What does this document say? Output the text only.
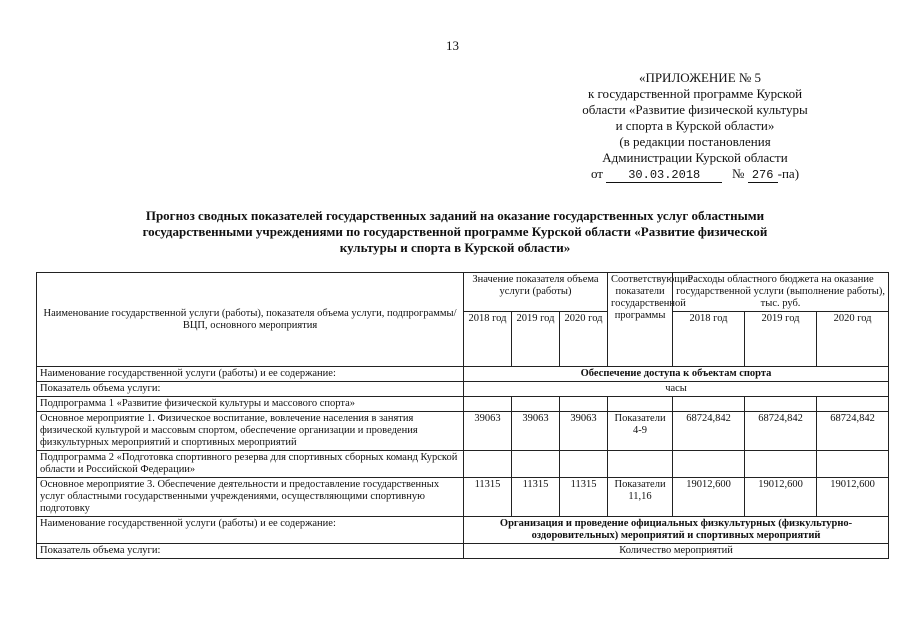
13
«ПРИЛОЖЕНИЕ № 5
к государственной программе Курской
области «Развитие физической культуры
и спорта в Курской области»
(в редакции постановления
Администрации Курской области
от 30.03.2018 № 276 -па)
Прогноз сводных показателей государственных заданий на оказание государственных услуг областными
государственными учреждениями по государственной программе Курской области «Развитие физической
культуры и спорта в Курской области»
Наименование государственной услуги (работы), показателя объема услуги, подпрограммы/ВЦП, основного мероприятия	Значение показателя объема услуги (работы)			Соответствующие показатели государственной программы	Расходы областного бюджета на оказание государственной услуги (выполнение работы), тыс. руб.		
	2018 год	2019 год	2020 год		2018 год	2019 год	2020 год
Наименование государственной услуги (работы) и ее содержание:	Обеспечение доступа к объектам спорта						
Показатель объема услуги:	часы						
Подпрограмма 1 «Развитие физической культуры и массового спорта»							
Основное мероприятие 1. Физическое воспитание, вовлечение населения в занятия физической культурой и массовым спортом, обеспечение организации и проведения физкультурных мероприятий и спортивных мероприятий	39063	39063	39063	Показатели 4-9	68724,842	68724,842	68724,842
Подпрограмма 2 «Подготовка спортивного резерва для спортивных сборных команд Курской области и Российской Федерации»							
Основное мероприятие 3. Обеспечение деятельности и предоставление государственных услуг областными государственными учреждениями, осуществляющими спортивную подготовку	11315	11315	11315	Показатели 11,16	19012,600	19012,600	19012,600
Наименование государственной услуги (работы) и ее содержание:	Организация и проведение официальных физкультурных (физкультурно-оздоровительных) мероприятий и спортивных мероприятий						
Показатель объема услуги:	Количество мероприятий						
